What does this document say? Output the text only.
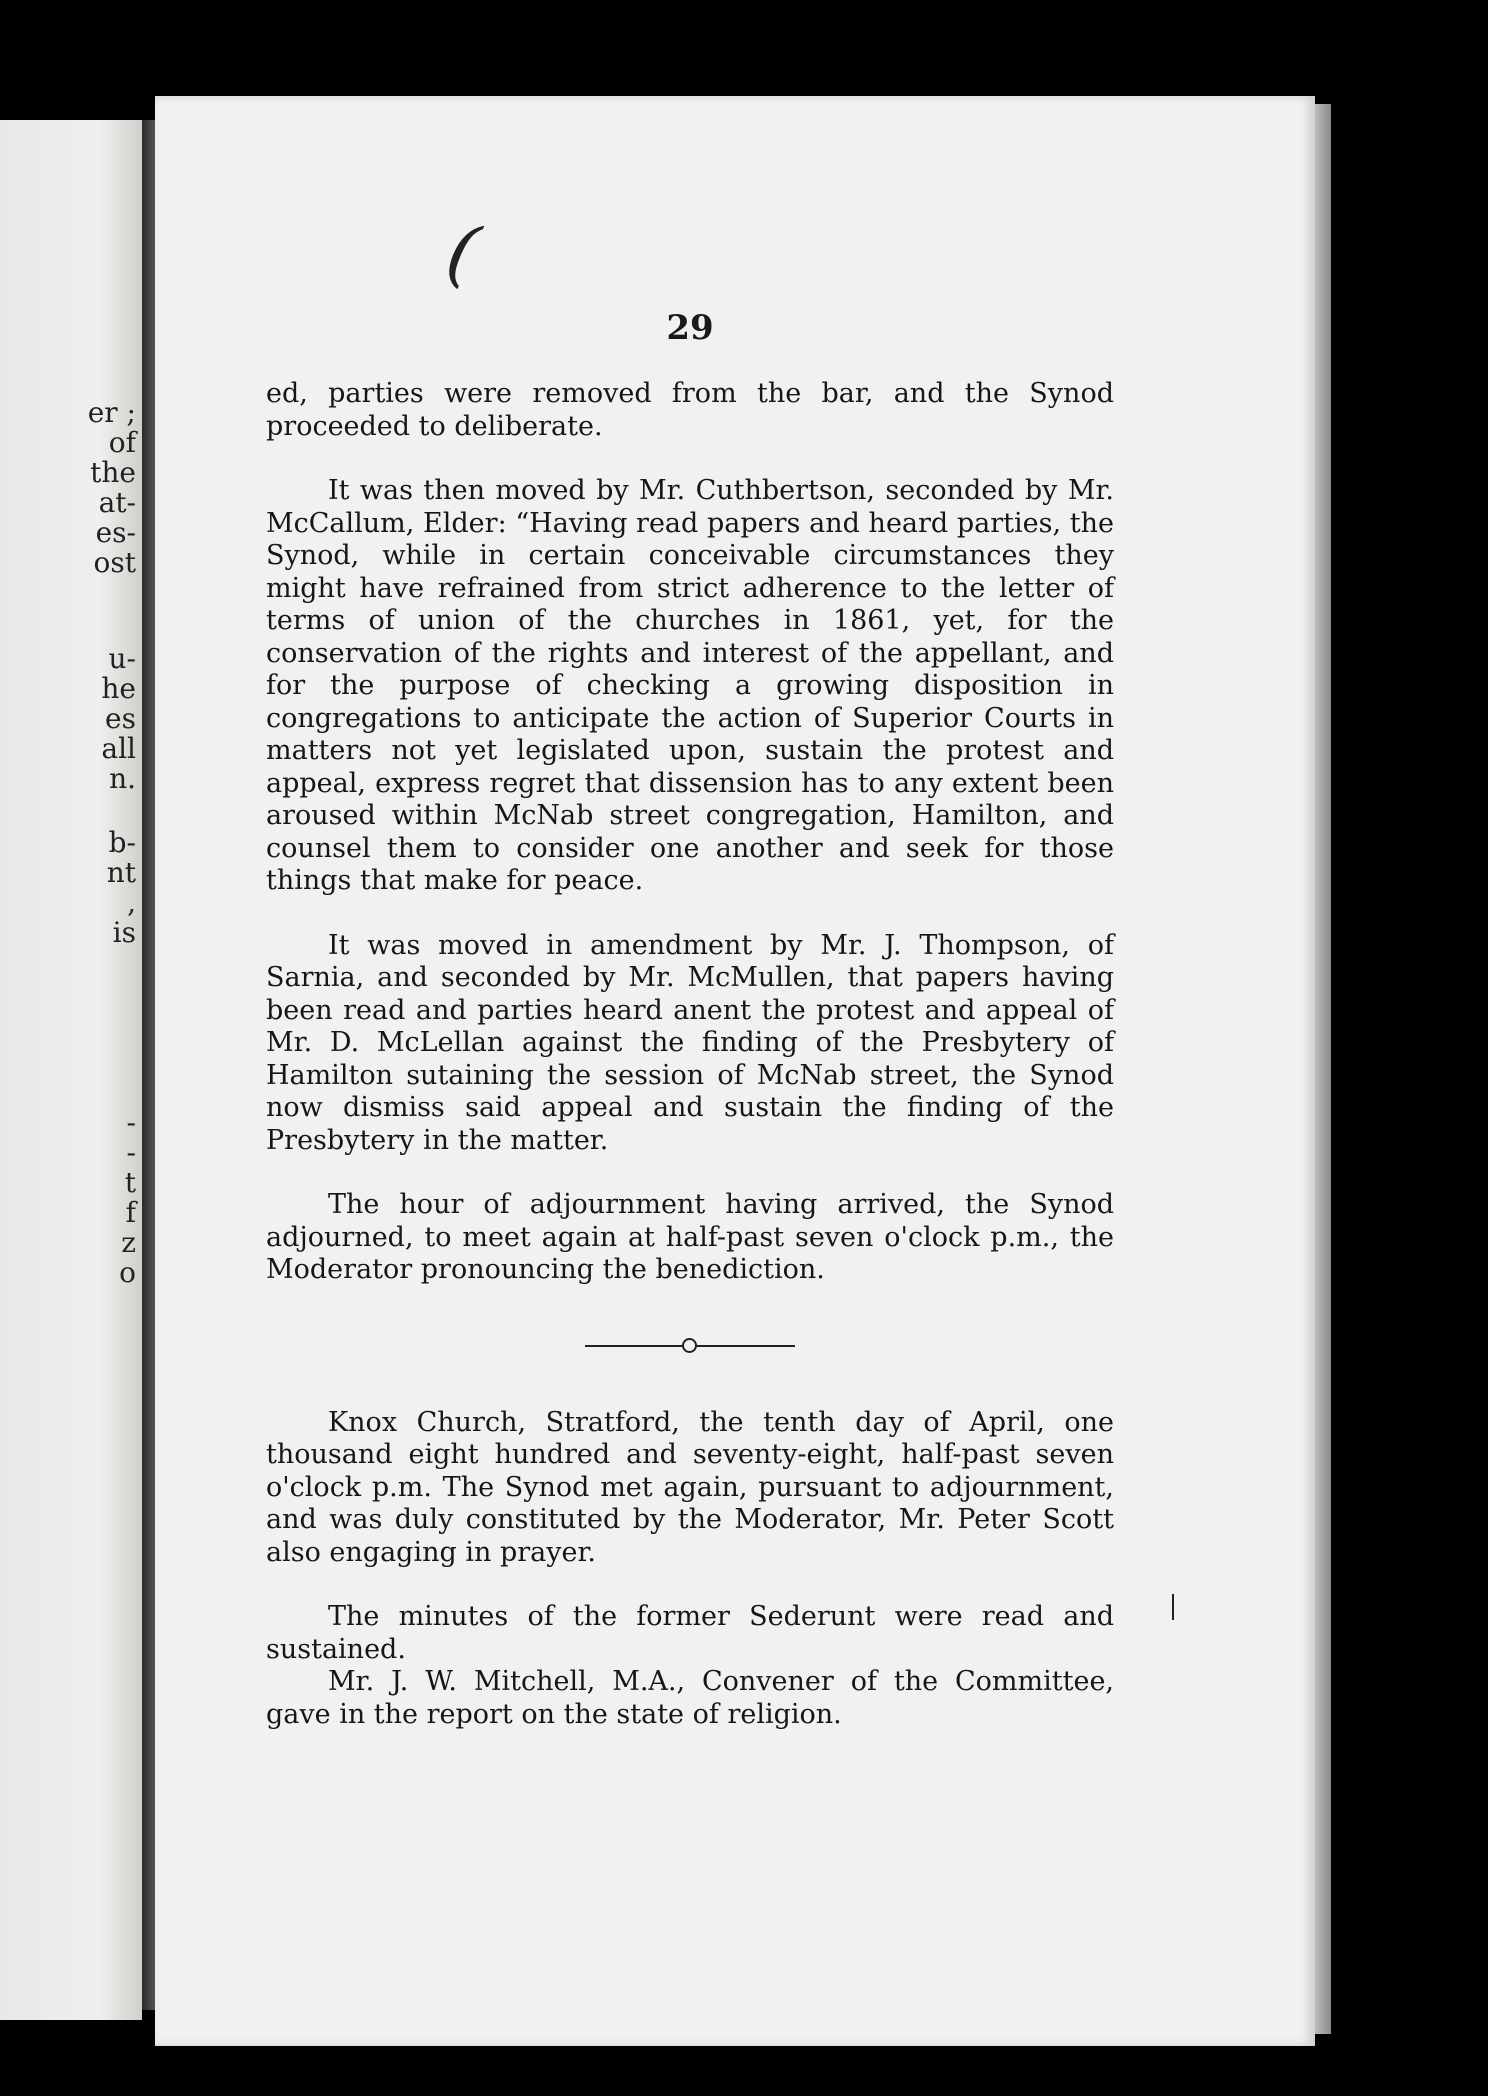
er ;
of
the
at-
es-
ost
u-
he
es
all
n.
b-
nt
,
is
-
-
t
f
z
o
(
29

ed, parties were removed from the bar, and the Synod proceeded to deliberate.

It was then moved by Mr. Cuthbertson, seconded by Mr. McCallum, Elder: “Having read papers and heard parties, the Synod, while in certain conceivable circumstances they might have refrained from strict adherence to the letter of terms of union of the churches in 1861, yet, for the conservation of the rights and interest of the appellant, and for the purpose of checking a growing disposition in congregations to anticipate the action of Superior Courts in matters not yet legislated upon, sustain the protest and appeal, express regret that dissension has to any extent been aroused within McNab street congregation, Hamilton, and counsel them to consider one another and seek for those things that make for peace.

It was moved in amendment by Mr. J. Thompson, of Sarnia, and seconded by Mr. McMullen, that papers having been read and parties heard anent the protest and appeal of Mr. D. McLellan against the finding of the Presbytery of Hamilton sutaining the session of McNab street, the Synod now dismiss said appeal and sustain the finding of the Presbytery in the matter.

The hour of adjournment having arrived, the Synod adjourned, to meet again at half-past seven o'clock p.m., the Moderator pronouncing the benediction.

Knox Church, Stratford, the tenth day of April, one thousand eight hundred and seventy-eight, half-past seven o'clock p.m. The Synod met again, pursuant to adjournment, and was duly constituted by the Moderator, Mr. Peter Scott also engaging in prayer.

The minutes of the former Sederunt were read and sustained.

Mr. J. W. Mitchell, M.A., Convener of the Committee, gave in the report on the state of religion.
